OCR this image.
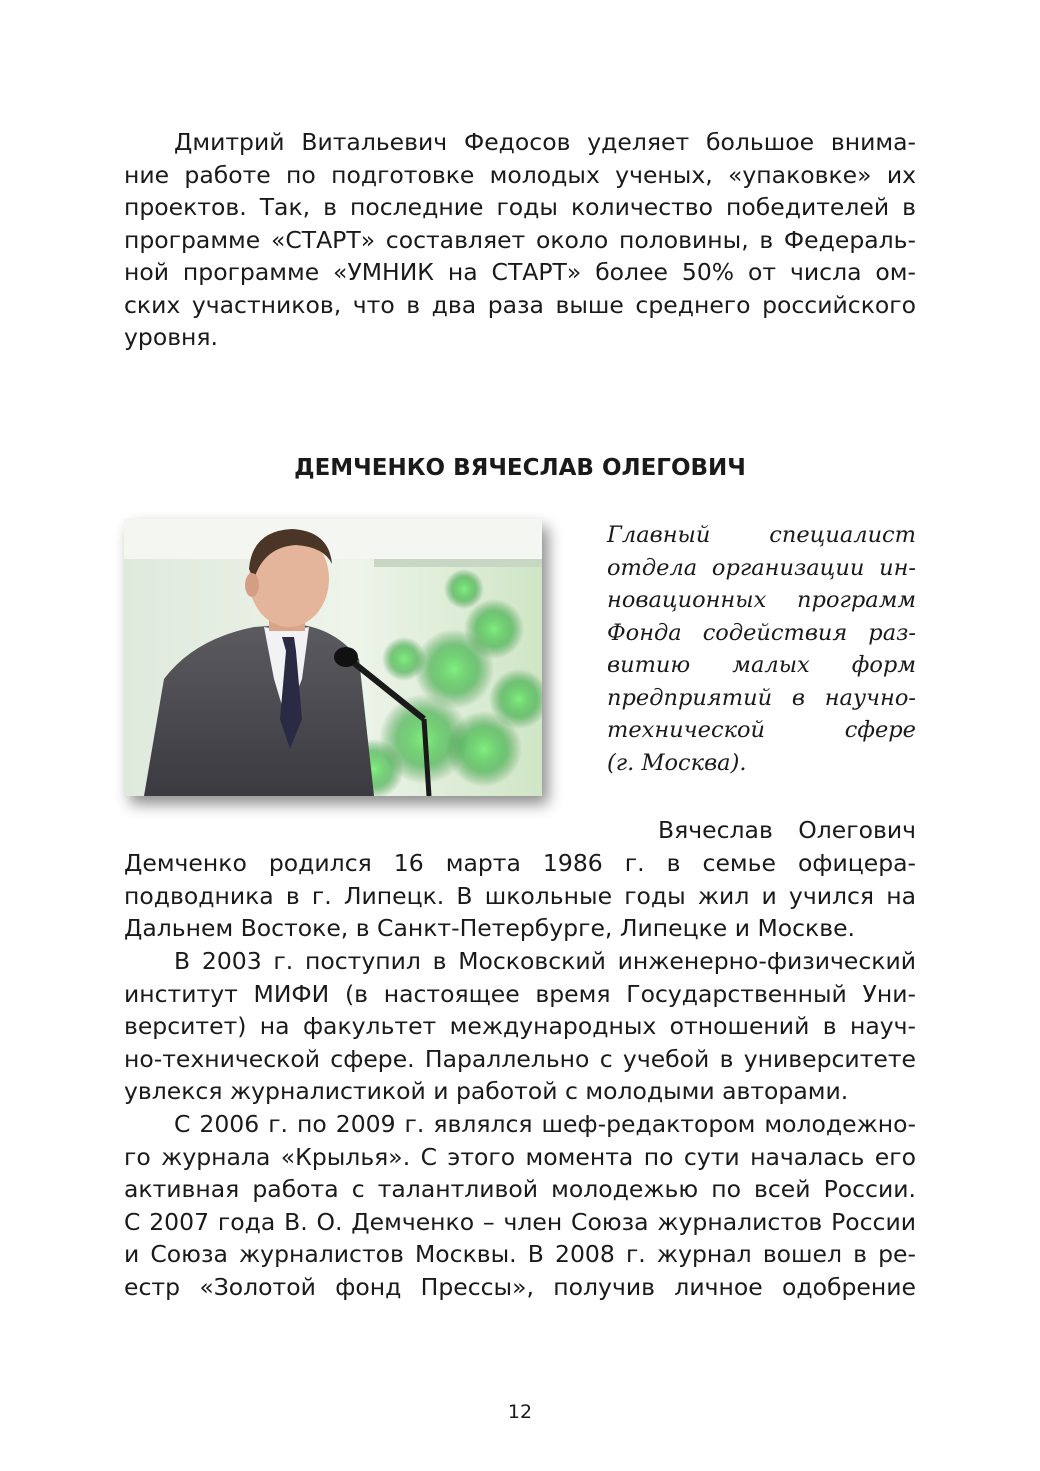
Дмитрий Витальевич Федосов уделяет большое внима-
ние работе по подготовке молодых ученых, «упаковке» их
проектов. Так, в последние годы количество победителей в
программе «СТАРТ» составляет около половины, в Федераль-
ной программе «УМНИК на СТАРТ» более 50% от числа ом-
ских участников, что в два раза выше среднего российского
уровня.
ДЕМЧЕНКО ВЯЧЕСЛАВ ОЛЕГОВИЧ
Главный специалист
отдела организации ин-
новационных программ
Фонда содействия раз-
витию малых форм
предприятий в научно-
технической сфере
(г. Москва).
Вячеслав Олегович
Демченко родился 16 марта 1986 г. в семье офицера-
подводника в г. Липецк. В школьные годы жил и учился на
Дальнем Востоке, в Санкт-Петербурге, Липецке и Москве.
В 2003 г. поступил в Московский инженерно-физический
институт МИФИ (в настоящее время Государственный Уни-
верситет) на факультет международных отношений в науч-
но-технической сфере. Параллельно с учебой в университете
увлекся журналистикой и работой с молодыми авторами.
С 2006 г. по 2009 г. являлся шеф-редактором молодежно-
го журнала «Крылья». С этого момента по сути началась его
активная работа с талантливой молодежью по всей России.
С 2007 года В. О. Демченко – член Союза журналистов России
и Союза журналистов Москвы. В 2008 г. журнал вошел в ре-
естр «Золотой фонд Прессы», получив личное одобрение
12
